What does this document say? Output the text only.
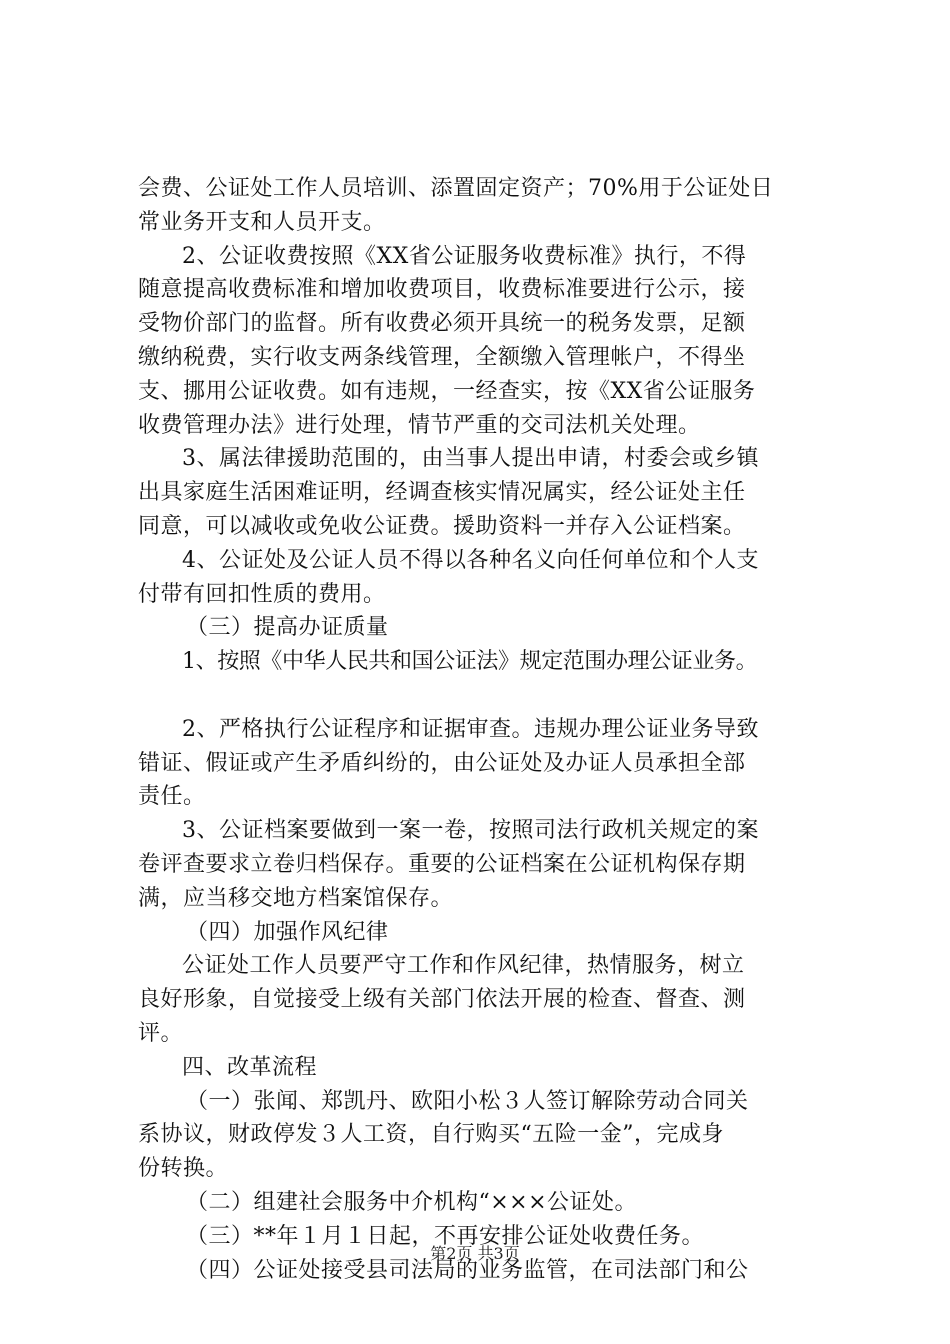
会费、公证处工作人员培训、添置固定资产；70%用于公证处日
常业务开支和人员开支。
2、公证收费按照《XX省公证服务收费标准》执行，不得
随意提高收费标准和增加收费项目，收费标准要进行公示，接
受物价部门的监督。所有收费必须开具统一的税务发票，足额
缴纳税费，实行收支两条线管理，全额缴入管理帐户，不得坐
支、挪用公证收费。如有违规，一经查实，按《XX省公证服务
收费管理办法》进行处理，情节严重的交司法机关处理。
3、属法律援助范围的，由当事人提出申请，村委会或乡镇
出具家庭生活困难证明，经调查核实情况属实，经公证处主任
同意，可以减收或免收公证费。援助资料一并存入公证档案。
4、公证处及公证人员不得以各种名义向任何单位和个人支
付带有回扣性质的费用。
（三）提高办证质量
1、按照《中华人民共和国公证法》规定范围办理公证业务。
2、严格执行公证程序和证据审查。违规办理公证业务导致
错证、假证或产生矛盾纠纷的，由公证处及办证人员承担全部
责任。
3、公证档案要做到一案一卷，按照司法行政机关规定的案
卷评查要求立卷归档保存。重要的公证档案在公证机构保存期
满，应当移交地方档案馆保存。
（四）加强作风纪律
公证处工作人员要严守工作和作风纪律，热情服务，树立
良好形象，自觉接受上级有关部门依法开展的检查、督查、测
评。
四、改革流程
（一）张闻、郑凯丹、欧阳小松３人签订解除劳动合同关
系协议，财政停发３人工资，自行购买“五险一金”，完成身
份转换。
（二）组建社会服务中介机构“×××公证处。
（三）**年１月１日起，不再安排公证处收费任务。
（四）公证处接受县司法局的业务监管，在司法部门和公
第2页 共3页
